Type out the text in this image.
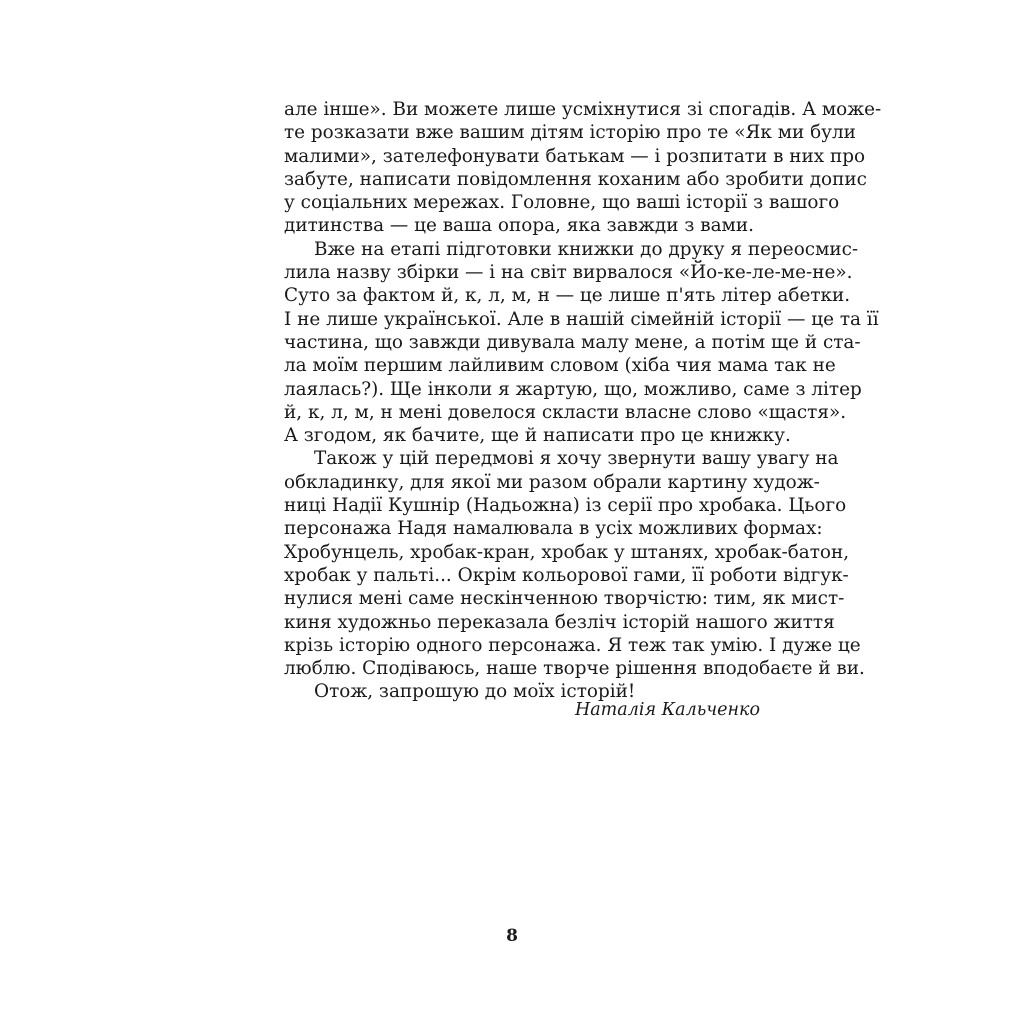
але інше». Ви можете лише усміхнутися зі спогадів. А може-
те розказати вже вашим дітям історію про те «Як ми були
малими», зателефонувати батькам — і розпитати в них про
забуте, написати повідомлення коханим або зробити допис
у соціальних мережах. Головне, що ваші історії з вашого
дитинства — це ваша опора, яка завжди з вами.
Вже на етапі підготовки книжки до друку я переосмис-
лила назву збірки — і на світ вирвалося «Йо-ке-ле-ме-не».
Суто за фактом й, к, л, м, н — це лише п'ять літер абетки.
І не лише української. Але в нашій сімейній історії — це та її
частина, що завжди дивувала малу мене, а потім ще й ста-
ла моїм першим лайливим словом (хіба чия мама так не
лаялась?). Ще інколи я жартую, що, можливо, саме з літер
й, к, л, м, н мені довелося скласти власне слово «щастя».
А згодом, як бачите, ще й написати про це книжку.
Також у цій передмові я хочу звернути вашу увагу на
обкладинку, для якої ми разом обрали картину худож-
ниці Надії Кушнір (Надьожна) із серії про хробака. Цього
персонажа Надя намалювала в усіх можливих формах:
Хробунцель, хробак-кран, хробак у штанях, хробак-батон,
хробак у пальті... Окрім кольорової гами, її роботи відгук-
нулися мені саме нескінченною творчістю: тим, як мист-
киня художньо переказала безліч історій нашого життя
крізь історію одного персонажа. Я теж так умію. І дуже це
люблю. Сподіваюсь, наше творче рішення вподобаєте й ви.
Отож, запрошую до моїх історій!
Наталія Кальченко
8
